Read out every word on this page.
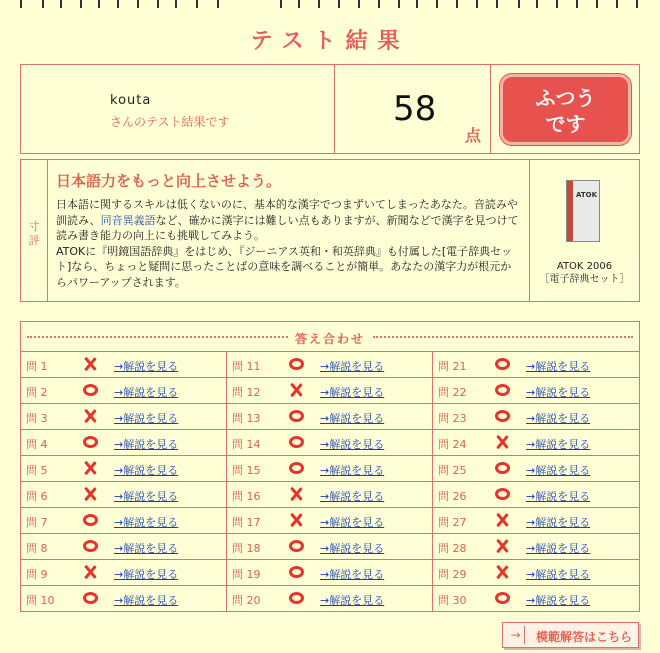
テスト結果
kouta
さんのテスト結果です	58
点
ふつう
です
寸
評
日本語力をもっと向上させよう。
日本語に関するスキルは低くないのに、基本的な漢字でつまずいてしまったあなた。音読みや訓読み、同音異義語など、確かに漢字には難しい点もありますが、新聞などで漢字を見つけて読み書き能力の向上にも挑戦してみよう。
ATOKに『明鏡国語辞典』をはじめ、『ジーニアス英和・和英辞典』も付属した[電子辞典セット]なら、ちょっと疑問に思ったことばの意味を調べることが簡単。あなたの漢字力が根元からパワーアップされます。
ATOK
ATOK 2006
［電子辞典セット］
$_{答え合わせ}$
問 1	→解説を見る	問 11	→解説を見る	問 21	→解説を見る
問 2	→解説を見る	問 12	→解説を見る	問 22	→解説を見る
問 3	→解説を見る	問 13	→解説を見る	問 23	→解説を見る
問 4	→解説を見る	問 14	→解説を見る	問 24	→解説を見る
問 5	→解説を見る	問 15	→解説を見る	問 25	→解説を見る
問 6	→解説を見る	問 16	→解説を見る	問 26	→解説を見る
問 7	→解説を見る	問 17	→解説を見る	問 27	→解説を見る
問 8	→解説を見る	問 18	→解説を見る	問 28	→解説を見る
問 9	→解説を見る	問 19	→解説を見る	問 29	→解説を見る
問 10	→解説を見る	問 20	→解説を見る	問 30	→解説を見る
→	模範解答はこちら
